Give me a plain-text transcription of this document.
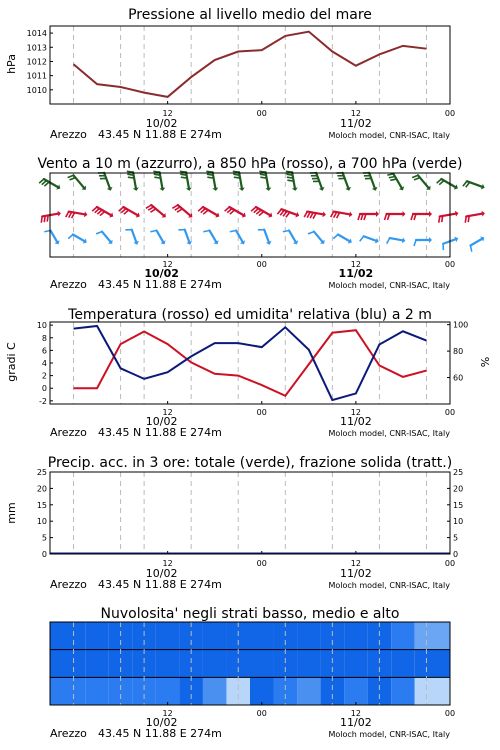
Pressione al livello medio del mare
hPa
1010
1011
1012
1013
1014
12	00	12	00
10/02	11/02
Arezzo 43.45 N 11.88 E 274m	Moloch model, CNR-ISAC, Italy
Vento a 10 m (azzurro), a 850 hPa (rosso), a 700 hPa (verde)
12	00	12	00
10/02	11/02
Arezzo 43.45 N 11.88 E 274m	Moloch model, CNR-ISAC, Italy
Temperatura (rosso) ed umidita' relativa (blu) a 2 m
gradi C	%
-2
0
2
4
6
8
10
60
80
100
12	00	12	00
10/02	11/02
Arezzo 43.45 N 11.88 E 274m	Moloch model, CNR-ISAC, Italy
Precip. acc. in 3 ore: totale (verde), frazione solida (tratt.)
mm
0
5
10
15
20
25
0
5
10
15
20
25
12	00	12	00
10/02	11/02
Arezzo 43.45 N 11.88 E 274m	Moloch model, CNR-ISAC, Italy
Nuvolosita' negli strati basso, medio e alto
12	00	12	00
10/02	11/02
Arezzo 43.45 N 11.88 E 274m	Moloch model, CNR-ISAC, Italy
